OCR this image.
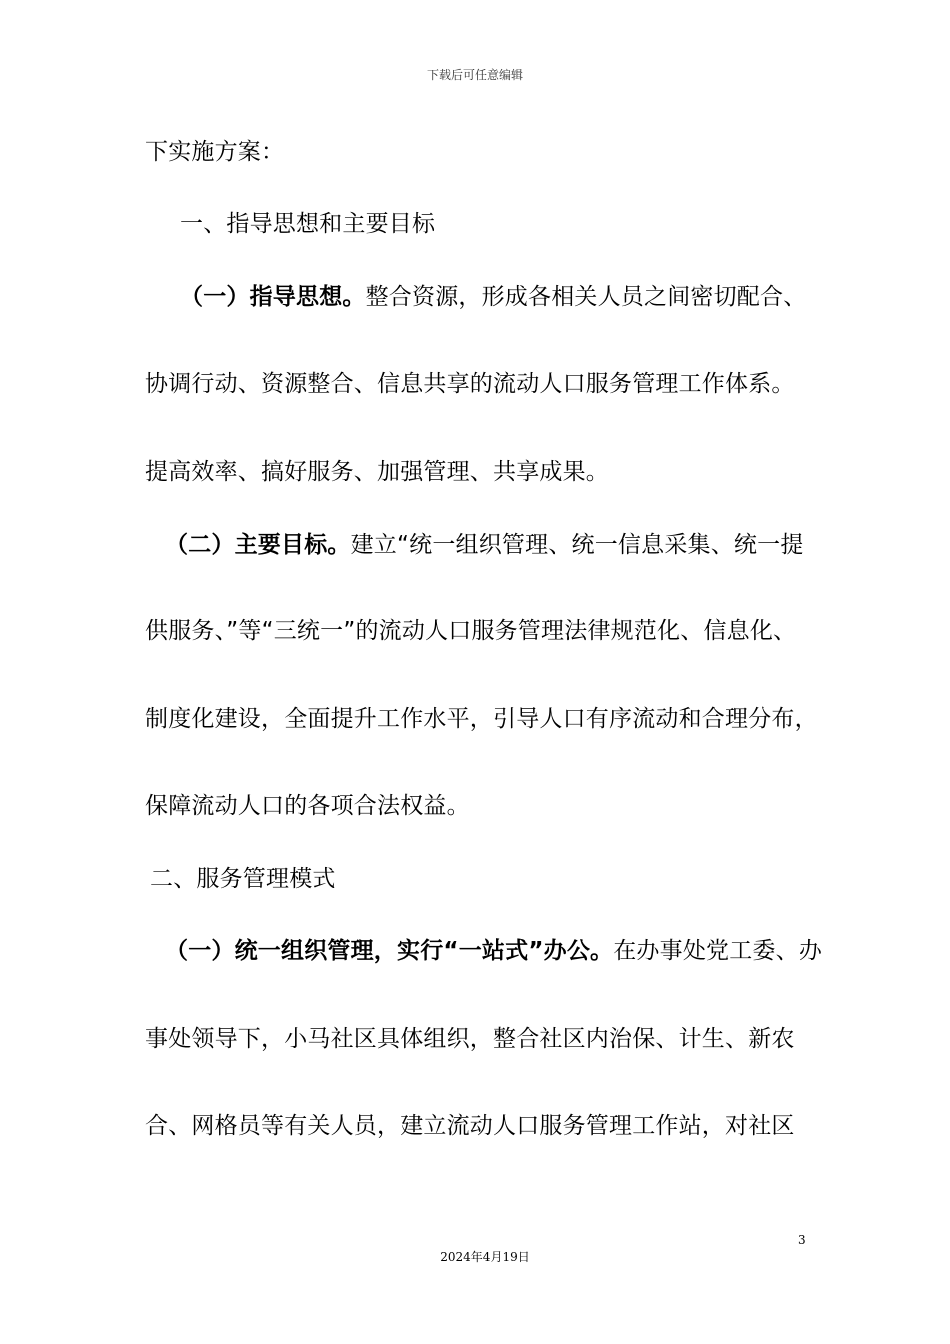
下载后可任意编辑
下实施方案：
一、指导思想和主要目标
（一）指导思想。整合资源，形成各相关人员之间密切配合、
协调行动、资源整合、信息共享的流动人口服务管理工作体系。
提高效率、搞好服务、加强管理、共享成果。
（二）主要目标。建立“统一组织管理、统一信息采集、统一提
供服务、”等“三统一”的流动人口服务管理法律规范化、信息化、
制度化建设，全面提升工作水平，引导人口有序流动和合理分布，
保障流动人口的各项合法权益。
二、服务管理模式
（一）统一组织管理，实行“一站式”办公。在办事处党工委、办
事处领导下，小马社区具体组织，整合社区内治保、计生、新农
合、网格员等有关人员，建立流动人口服务管理工作站，对社区
3
2024年4月19日
